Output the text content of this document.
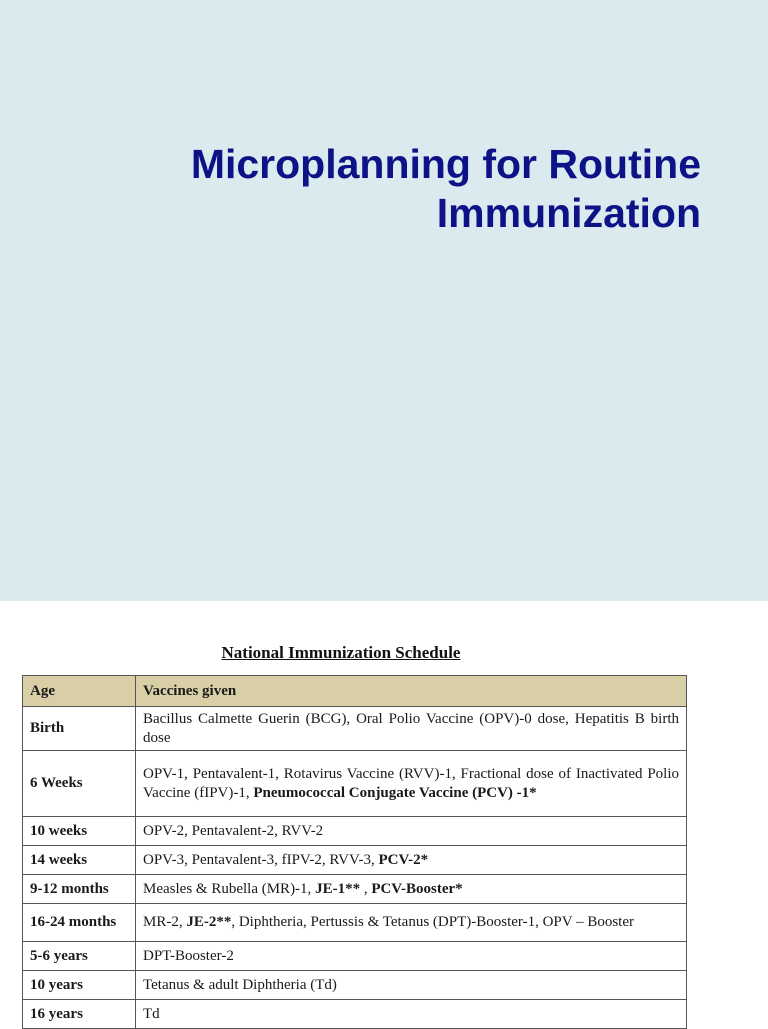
Microplanning for Routine
Immunization
National Immunization Schedule
Age	Vaccines given
Birth	Bacillus Calmette Guerin (BCG), Oral Polio Vaccine (OPV)-0 dose, Hepatitis B birth dose
6 Weeks	OPV-1, Pentavalent-1, Rotavirus Vaccine (RVV)-1, Fractional dose of Inactivated Polio Vaccine (fIPV)-1, Pneumococcal Conjugate Vaccine (PCV) -1*
10 weeks	OPV-2, Pentavalent-2, RVV-2
14 weeks	OPV-3, Pentavalent-3, fIPV-2, RVV-3, PCV-2*
9-12 months	Measles & Rubella (MR)-1, JE-1** , PCV-Booster*
16-24 months	MR-2, JE-2**, Diphtheria, Pertussis & Tetanus (DPT)-Booster-1, OPV – Booster
5-6 years	DPT-Booster-2
10 years	Tetanus & adult Diphtheria (Td)
16 years	Td
